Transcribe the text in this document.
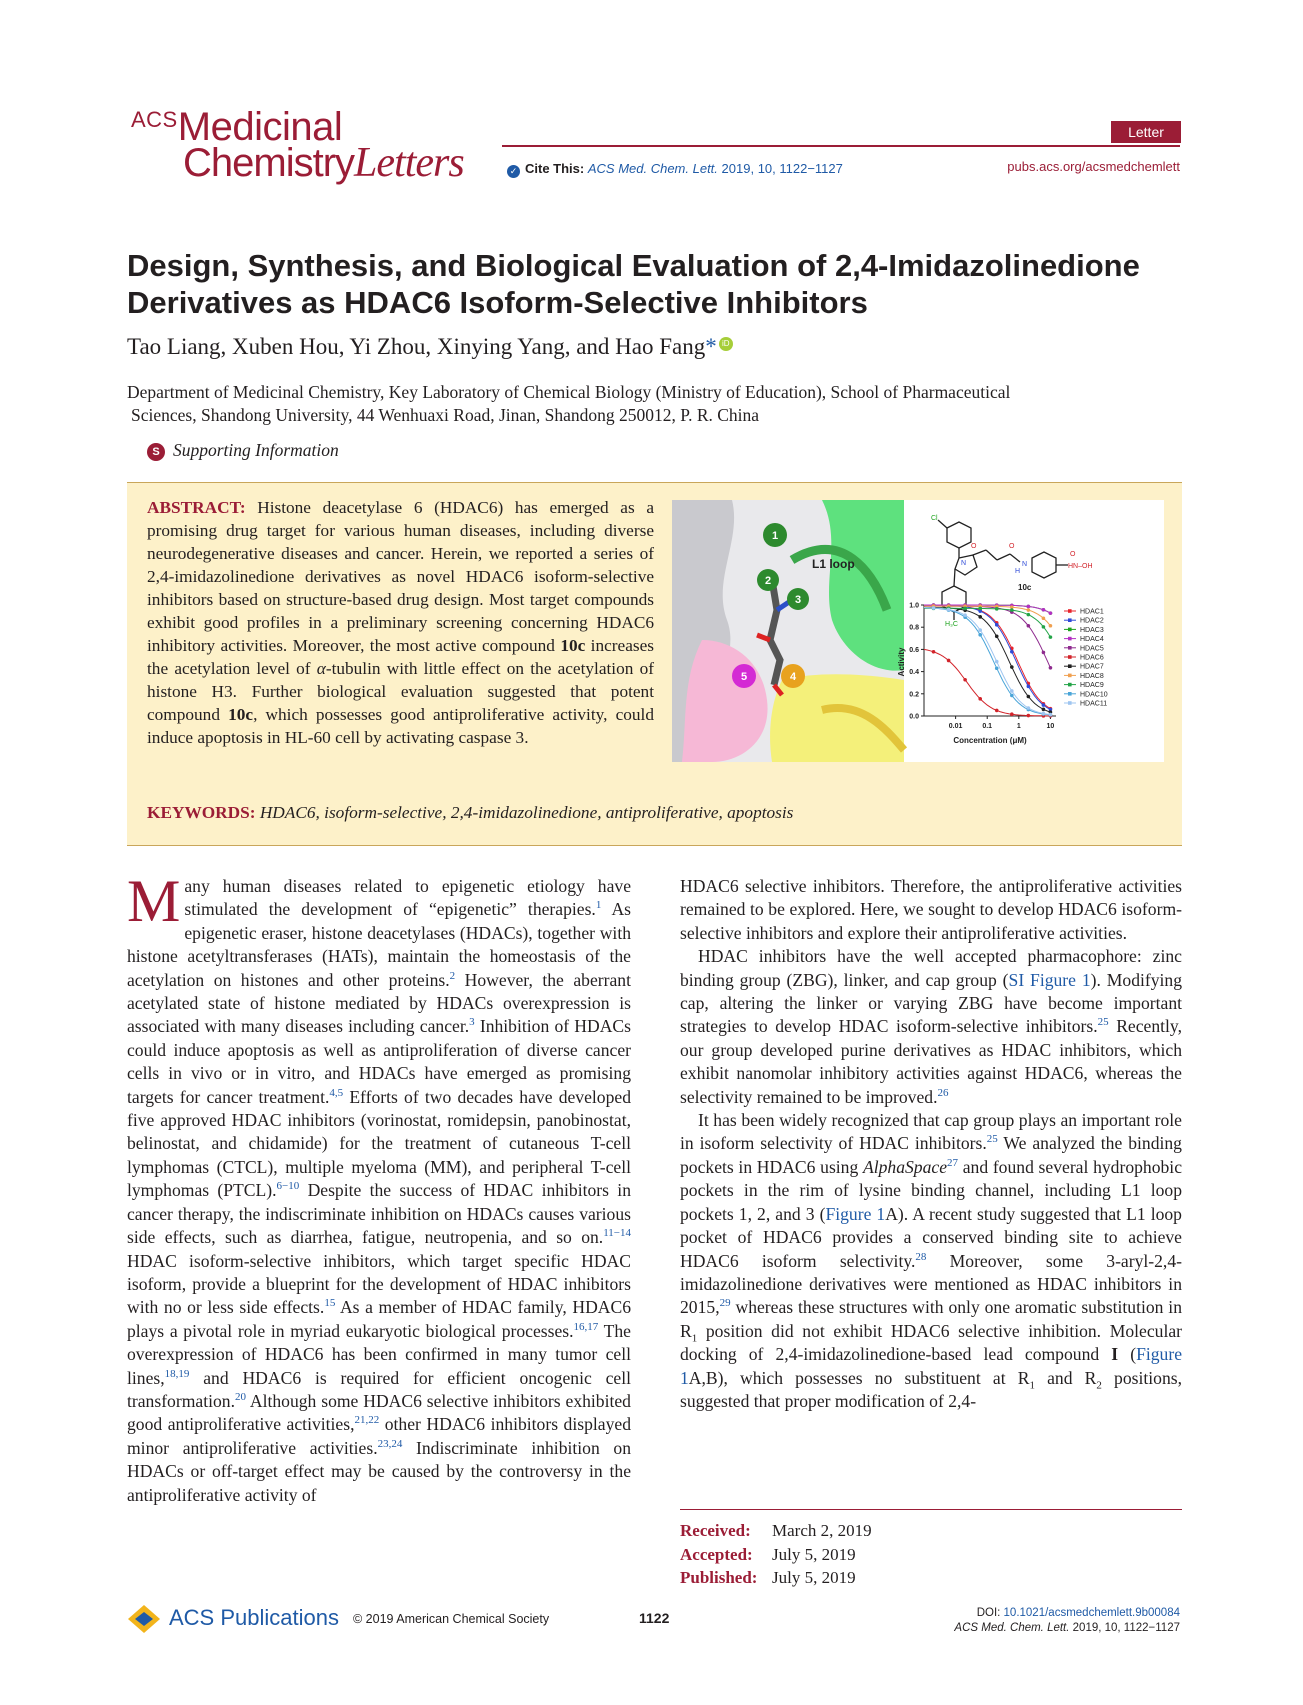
ACSMedicinal
ChemistryLetters
Letter
✓ Cite This: ACS Med. Chem. Lett. 2019, 10, 1122−1127	pubs.acs.org/acsmedchemlett
Design, Synthesis, and Biological Evaluation of 2,4-Imidazolinedione
Derivatives as HDAC6 Isoform-Selective Inhibitors
Tao Liang, Xuben Hou, Yi Zhou, Xinying Yang, and Hao Fang* iD
Department of Medicinal Chemistry, Key Laboratory of Chemical Biology (Ministry of Education), School of Pharmaceutical
Sciences, Shandong University, 44 Wenhuaxi Road, Jinan, Shandong 250012, P. R. China
S Supporting Information
ABSTRACT: Histone deacetylase 6 (HDAC6) has emerged as a promising drug target for various human diseases, including diverse neurodegenerative diseases and cancer. Herein, we reported a series of 2,4-imidazolinedione derivatives as novel HDAC6 isoform-selective inhibitors based on structure-based drug design. Most target compounds exhibit good profiles in a preliminary screening concerning HDAC6 inhibitory activities. Moreover, the most active compound 10c increases the acetylation level of α-tubulin with little effect on the acetylation of histone H3. Further biological evaluation suggested that potent compound 10c, which possesses good antiproliferative activity, could induce apoptosis in HL-60 cell by activating caspase 3.
KEYWORDS: HDAC6, isoform-selective, 2,4-imidazolinedione, antiproliferative, apoptosis
1
2
3
4
5
L1 loop
Cl
O
N
O
H
N	HN–OH
O
H₃C
10c
Activity
Concentration (μM)
0.0
0.2
0.4
0.6
0.8
1.0
0.01	0.1	1	10
HDAC1
HDAC2
HDAC3
HDAC4
HDAC5
HDAC6
HDAC7
HDAC8
HDAC9
HDAC10
HDAC11

Many human diseases related to epigenetic etiology have stimulated the development of “epigenetic” therapies.$^1$ As epigenetic eraser, histone deacetylases (HDACs), together with histone acetyltransferases (HATs), maintain the homeostasis of the acetylation on histones and other proteins.$^2$ However, the aberrant acetylated state of histone mediated by HDACs overexpression is associated with many diseases including cancer.$^3$ Inhibition of HDACs could induce apoptosis as well as antiproliferation of diverse cancer cells in vivo or in vitro, and HDACs have emerged as promising targets for cancer treatment.$^{4,5}$ Efforts of two decades have developed five approved HDAC inhibitors (vorinostat, romidepsin, panobinostat, belinostat, and chidamide) for the treatment of cutaneous T-cell lymphomas (CTCL), multiple myeloma (MM), and peripheral T-cell lymphomas (PTCL).$^{6-10}$ Despite the success of HDAC inhibitors in cancer therapy, the indiscriminate inhibition on HDACs causes various side effects, such as diarrhea, fatigue, neutropenia, and so on.$^{11-14}$ HDAC isoform-selective inhibitors, which target specific HDAC isoform, provide a blueprint for the development of HDAC inhibitors with no or less side effects.$^{15}$ As a member of HDAC family, HDAC6 plays a pivotal role in myriad eukaryotic biological processes.$^{16,17}$ The overexpression of HDAC6 has been confirmed in many tumor cell lines,$^{18,19}$ and HDAC6 is required for efficient oncogenic cell transformation.$^{20}$ Although some HDAC6 selective inhibitors exhibited good antiproliferative activities,$^{21,22}$ other HDAC6 inhibitors displayed minor antiproliferative activities.$^{23,24}$ Indiscriminate inhibition on HDACs or off-target effect may be caused by the controversy in the antiproliferative activity of

HDAC6 selective inhibitors. Therefore, the antiproliferative activities remained to be explored. Here, we sought to develop HDAC6 isoform-selective inhibitors and explore their antiproliferative activities.

HDAC inhibitors have the well accepted pharmacophore: zinc binding group (ZBG), linker, and cap group (SI Figure 1). Modifying cap, altering the linker or varying ZBG have become important strategies to develop HDAC isoform-selective inhibitors.$^{25}$ Recently, our group developed purine derivatives as HDAC inhibitors, which exhibit nanomolar inhibitory activities against HDAC6, whereas the selectivity remained to be improved.$^{26}$

It has been widely recognized that cap group plays an important role in isoform selectivity of HDAC inhibitors.$^{25}$ We analyzed the binding pockets in HDAC6 using AlphaSpace$^{27}$ and found several hydrophobic pockets in the rim of lysine binding channel, including L1 loop pockets 1, 2, and 3 (Figure 1A). A recent study suggested that L1 loop pocket of HDAC6 provides a conserved binding site to achieve HDAC6 isoform selectivity.$^{28}$ Moreover, some 3-aryl-2,4-imidazolinedione derivatives were mentioned as HDAC inhibitors in 2015,29 whereas these structures with only one aromatic substitution in $R_1$ position did not exhibit HDAC6 selective inhibition. Molecular docking of 2,4-imidazolinedione-based lead compound I (Figure 1A,B), which possesses no substituent at $R_1$ and $R_2$ positions, suggested that proper modification of 2,4-

Received: March 2, 2019
Accepted: July 5, 2019
Published: July 5, 2019
ACS Publications © 2019 American Chemical Society	1122	DOI: 10.1021/acsmedchemlett.9b00084
ACS Med. Chem. Lett. 2019, 10, 1122−1127
